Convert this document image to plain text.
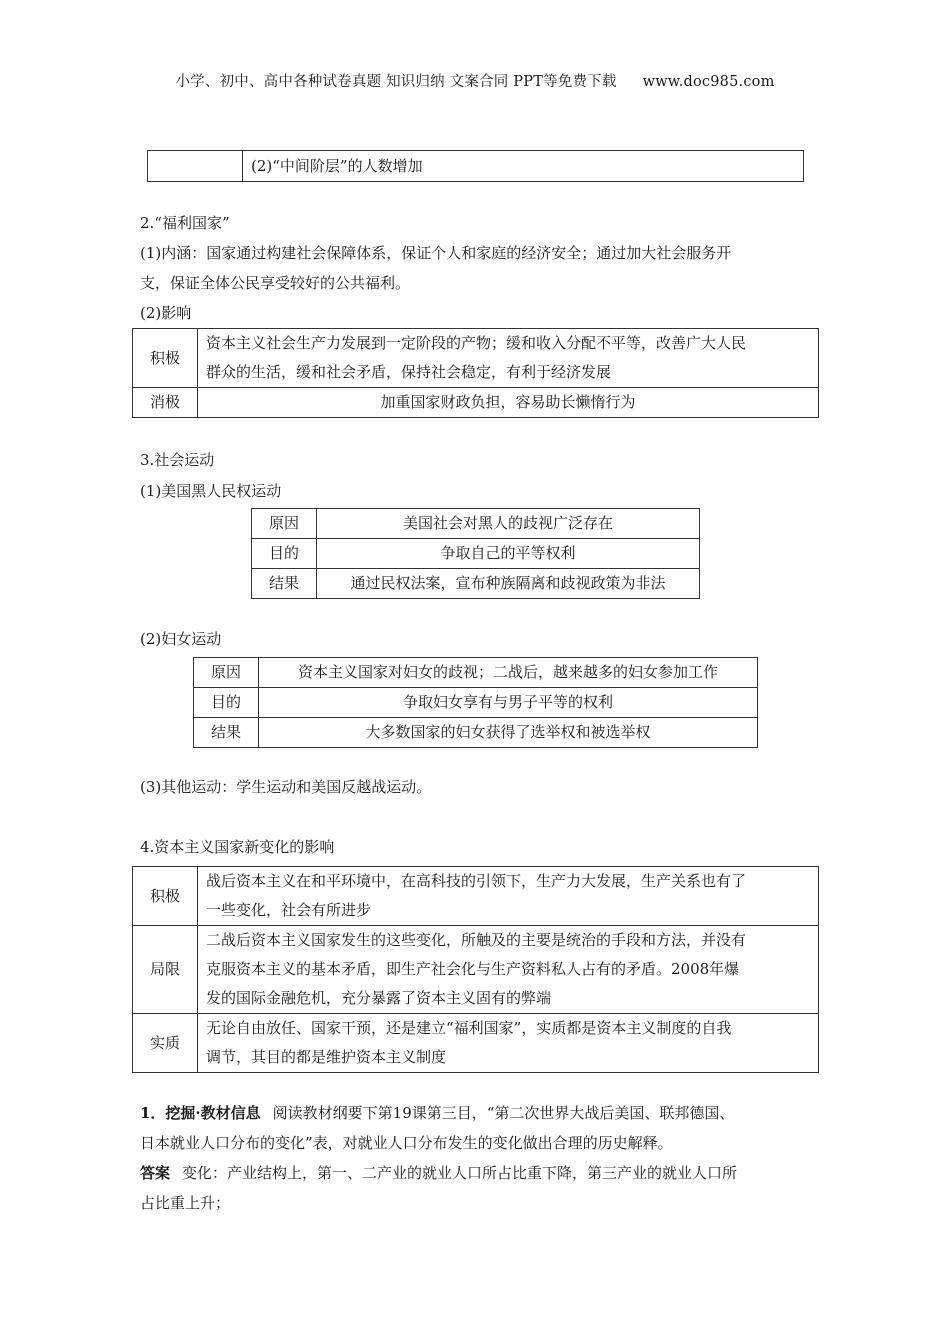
小学、初中、高中各种试卷真题 知识归纳 文案合同 PPT等免费下载 www.doc985.com
	(2)“中间阶层”的人数增加
2.“福利国家”
(1)内涵：国家通过构建社会保障体系，保证个人和家庭的经济安全；通过加大社会服务开
支，保证全体公民享受较好的公共福利。
(2)影响
积极	资本主义社会生产力发展到一定阶段的产物；缓和收入分配不平等，改善广大人民
群众的生活，缓和社会矛盾，保持社会稳定，有利于经济发展

消极	加重国家财政负担，容易助长懒惰行为
3.社会运动
(1)美国黑人民权运动
原因	美国社会对黑人的歧视广泛存在
目的	争取自己的平等权利
结果	通过民权法案，宣布种族隔离和歧视政策为非法
(2)妇女运动
原因	资本主义国家对妇女的歧视；二战后，越来越多的妇女参加工作
目的	争取妇女享有与男子平等的权利
结果	大多数国家的妇女获得了选举权和被选举权
(3)其他运动：学生运动和美国反越战运动。
4.资本主义国家新变化的影响
积极	战后资本主义在和平环境中，在高科技的引领下，生产力大发展，生产关系也有了
一些变化，社会有所进步

局限	二战后资本主义国家发生的这些变化，所触及的主要是统治的手段和方法，并没有
克服资本主义的基本矛盾，即生产社会化与生产资料私人占有的矛盾。2008年爆
发的国际金融危机，充分暴露了资本主义固有的弊端

实质	无论自由放任、国家干预，还是建立“福利国家”，实质都是资本主义制度的自我
调节，其目的都是维护资本主义制度
1．挖掘·教材信息 阅读教材纲要下第19课第三目，“第二次世界大战后美国、联邦德国、
日本就业人口分布的变化”表，对就业人口分布发生的变化做出合理的历史解释。
答案 变化：产业结构上，第一、二产业的就业人口所占比重下降，第三产业的就业人口所
占比重上升；
